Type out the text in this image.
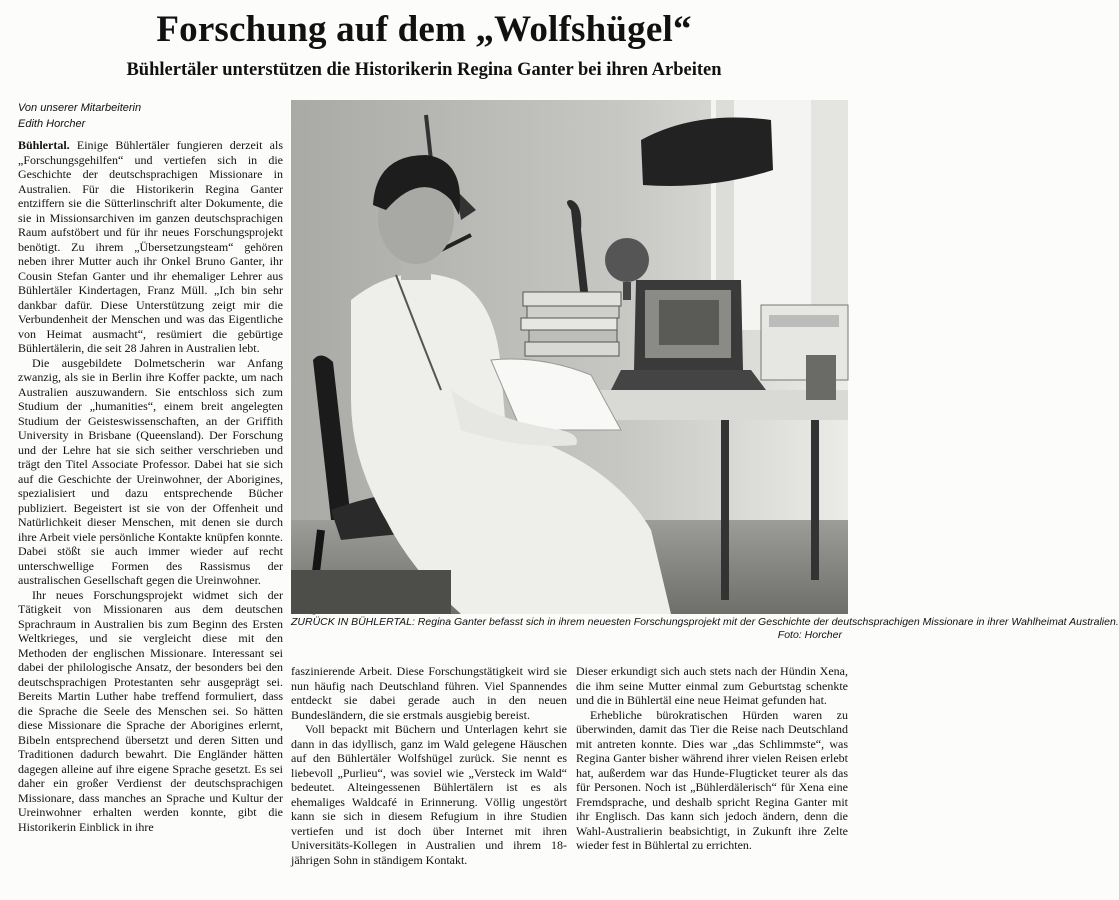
Forschung auf dem „Wolfshügel“
Bühlertäler unterstützen die Historikerin Regina Ganter bei ihren Arbeiten
Von unserer Mitarbeiterin
Edith Horcher

Bühlertal. Einige Bühlertäler fungieren derzeit als „Forschungsgehilfen“ und vertiefen sich in die Geschichte der deutschsprachigen Missionare in Australien. Für die Historikerin Regina Ganter entziffern sie die Sütterlinschrift alter Dokumente, die sie in Missionsarchiven im ganzen deutschsprachigen Raum aufstöbert und für ihr neues Forschungsprojekt benötigt. Zu ihrem „Übersetzungsteam“ gehören neben ihrer Mutter auch ihr Onkel Bruno Ganter, ihr Cousin Stefan Ganter und ihr ehemaliger Lehrer aus Bühlertäler Kindertagen, Franz Müll. „Ich bin sehr dankbar dafür. Diese Unterstützung zeigt mir die Verbundenheit der Menschen und was das Eigentliche von Heimat ausmacht“, resümiert die gebürtige Bühlertälerin, die seit 28 Jahren in Australien lebt.

Die ausgebildete Dolmetscherin war Anfang zwanzig, als sie in Berlin ihre Koffer packte, um nach Australien auszuwandern. Sie entschloss sich zum Studium der „humanities“, einem breit angelegten Studium der Geisteswissenschaften, an der Griffith University in Brisbane (Queensland). Der Forschung und der Lehre hat sie sich seither verschrieben und trägt den Titel Associate Professor. Dabei hat sie sich auf die Geschichte der Ureinwohner, der Aborigines, spezialisiert und dazu entsprechende Bücher publiziert. Begeistert ist sie von der Offenheit und Natürlichkeit dieser Menschen, mit denen sie durch ihre Arbeit viele persönliche Kontakte knüpfen konnte. Dabei stößt sie auch immer wieder auf recht unterschwellige Formen des Rassismus der australischen Gesellschaft gegen die Ureinwohner.

Ihr neues Forschungsprojekt widmet sich der Tätigkeit von Missionaren aus dem deutschen Sprachraum in Australien bis zum Beginn des Ersten Weltkrieges, und sie vergleicht diese mit den Methoden der englischen Missionare. Interessant sei dabei der philologische Ansatz, der besonders bei den deutschsprachigen Protestanten sehr ausgeprägt sei. Bereits Martin Luther habe treffend formuliert, dass die Sprache die Seele des Menschen sei. So hätten diese Missionare die Sprache der Aborigines erlernt, Bibeln entsprechend übersetzt und deren Sitten und Traditionen dadurch bewahrt. Die Engländer hätten dagegen alleine auf ihre eigene Sprache gesetzt. Es sei daher ein großer Verdienst der deutschsprachigen Missionare, dass manches an Sprache und Kultur der Ureinwohner erhalten werden konnte, gibt die Historikerin Einblick in ihre

ZURÜCK IN BÜHLERTAL: Regina Ganter befasst sich in ihrem neuesten Forschungsprojekt mit der Geschichte der deutschsprachigen Missionare in ihrer Wahlheimat Australien.
Foto: Horcher

faszinierende Arbeit. Diese Forschungstätigkeit wird sie nun häufig nach Deutschland führen. Viel Spannendes entdeckt sie dabei gerade auch in den neuen Bundesländern, die sie erstmals ausgiebig bereist.

Voll bepackt mit Büchern und Unterlagen kehrt sie dann in das idyllisch, ganz im Wald gelegene Häuschen auf den Bühlertäler Wolfshügel zurück. Sie nennt es liebevoll „Purlieu“, was soviel wie „Versteck im Wald“ bedeutet. Alteingessenen Bühlertälern ist es als ehemaliges Waldcafé in Erinnerung. Völlig ungestört kann sie sich in diesem Refugium in ihre Studien vertiefen und ist doch über Internet mit ihren Universitäts-Kollegen in Australien und ihrem 18-jährigen Sohn in ständigem Kontakt.

Dieser erkundigt sich auch stets nach der Hündin Xena, die ihm seine Mutter einmal zum Geburtstag schenkte und die in Bühlertäl eine neue Heimat gefunden hat.

Erhebliche bürokratischen Hürden waren zu überwinden, damit das Tier die Reise nach Deutschland mit antreten konnte. Dies war „das Schlimmste“, was Regina Ganter bisher während ihrer vielen Reisen erlebt hat, außerdem war das Hunde-Flugticket teurer als das für Personen. Noch ist „Bühlerdälerisch“ für Xena eine Fremdsprache, und deshalb spricht Regina Ganter mit ihr Englisch. Das kann sich jedoch ändern, denn die Wahl-Australierin beabsichtigt, in Zukunft ihre Zelte wieder fest in Bühlertal zu errichten.
